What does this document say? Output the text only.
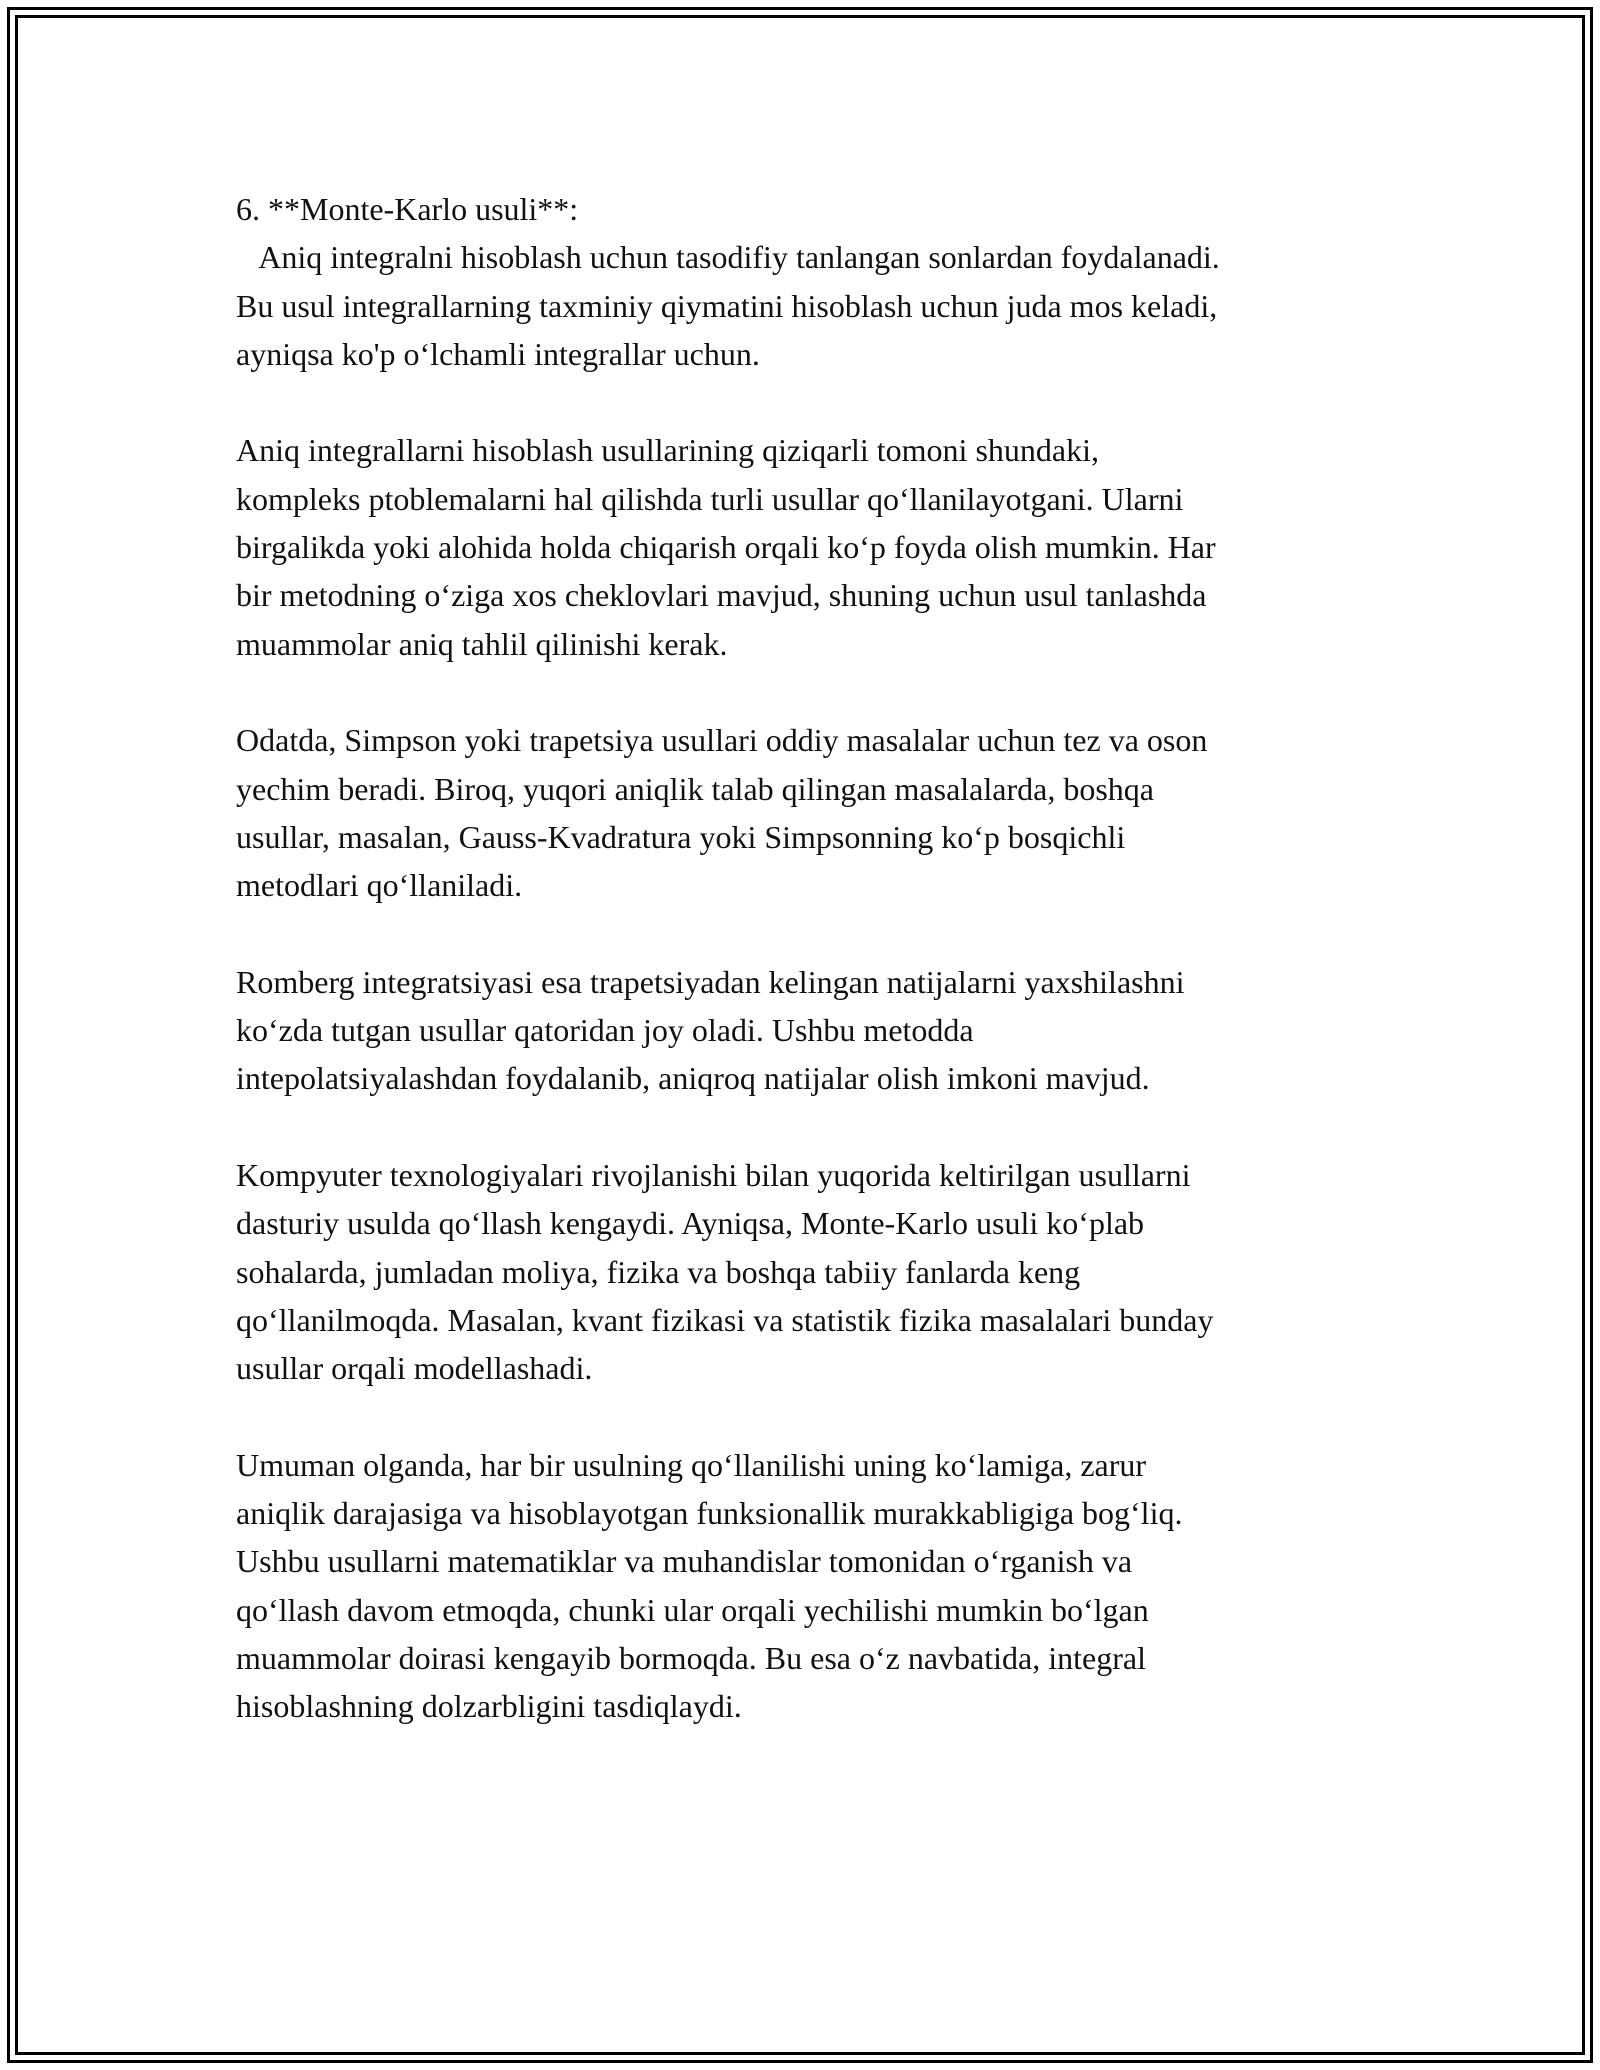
6. **Monte-Karlo usuli**:
Aniq integralni hisoblash uchun tasodifiy tanlangan sonlardan foydalanadi.
Bu usul integrallarning taxminiy qiymatini hisoblash uchun juda mos keladi,
ayniqsa ko'p o‘lchamli integrallar uchun.

Aniq integrallarni hisoblash usullarining qiziqarli tomoni shundaki,
kompleks ptoblemalarni hal qilishda turli usullar qo‘llanilayotgani. Ularni
birgalikda yoki alohida holda chiqarish orqali ko‘p foyda olish mumkin. Har
bir metodning o‘ziga xos cheklovlari mavjud, shuning uchun usul tanlashda
muammolar aniq tahlil qilinishi kerak.

Odatda, Simpson yoki trapetsiya usullari oddiy masalalar uchun tez va oson
yechim beradi. Biroq, yuqori aniqlik talab qilingan masalalarda, boshqa
usullar, masalan, Gauss-Kvadratura yoki Simpsonning ko‘p bosqichli
metodlari qo‘llaniladi.

Romberg integratsiyasi esa trapetsiyadan kelingan natijalarni yaxshilashni
ko‘zda tutgan usullar qatoridan joy oladi. Ushbu metodda
intepolatsiyalashdan foydalanib, aniqroq natijalar olish imkoni mavjud.

Kompyuter texnologiyalari rivojlanishi bilan yuqorida keltirilgan usullarni
dasturiy usulda qo‘llash kengaydi. Ayniqsa, Monte-Karlo usuli ko‘plab
sohalarda, jumladan moliya, fizika va boshqa tabiiy fanlarda keng
qo‘llanilmoqda. Masalan, kvant fizikasi va statistik fizika masalalari bunday
usullar orqali modellashadi.

Umuman olganda, har bir usulning qo‘llanilishi uning ko‘lamiga, zarur
aniqlik darajasiga va hisoblayotgan funksionallik murakkabligiga bog‘liq.
Ushbu usullarni matematiklar va muhandislar tomonidan o‘rganish va
qo‘llash davom etmoqda, chunki ular orqali yechilishi mumkin bo‘lgan
muammolar doirasi kengayib bormoqda. Bu esa o‘z navbatida, integral
hisoblashning dolzarbligini tasdiqlaydi.
